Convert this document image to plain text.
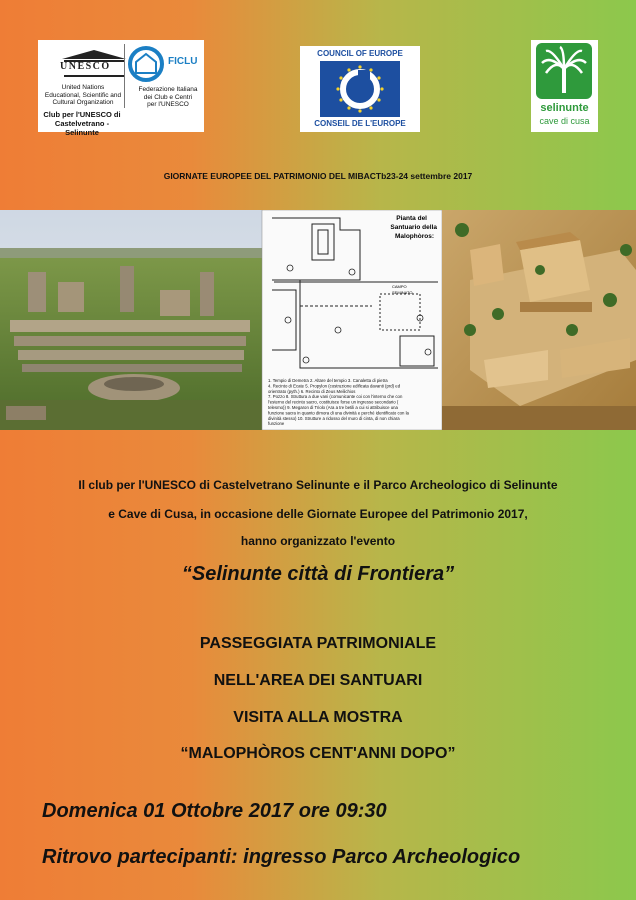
UNESCO
United Nations
Educational, Scientific and
Cultural Organization
FICLU
Federazione Italiana
dei Club e Centri
per l'UNESCO
Club per l'UNESCO di
Castelvetrano - Selinunte
COUNCIL OF EUROPE
CONSEIL DE L'EUROPE
selinunte
cave di cusa
GIORNATE EUROPEE DEL PATRIMONIO DEL MIBACTb23-24 settembre 2017
Pianta del
Santuario della
Malophòros:
CAMPO
SEMINATO
1. Tempio di Demetra 2. Altare del tempio 3. Canaletta di pietra
4. Recinto di Ecate 5. Propylon (costruzione edificata davanti (prd) ed
orientrato (pyth.) 6. Recinto di Zeus Meilichios
7. Pozzo 8. Struttura a due vani (comunicante coi con l'interno che con
l'esterno del recinto sacro, costituisce forse un ingresso secondario (
telesmo)) 9. Megaron di Triolo (Ara a tre betili a cui si attribuisce una
funzione sacra in quanto dimora di una divinità e perché identificato con la
divinità stesso) 10. Strutture a ridosso del muro di cinta, di non chiara
funzione
Il club per l'UNESCO di Castelvetrano Selinunte e il Parco Archeologico di Selinunte
e Cave di Cusa, in occasione delle Giornate Europee del Patrimonio 2017,
hanno organizzato l'evento
“Selinunte città di Frontiera”
PASSEGGIATA PATRIMONIALE
NELL'AREA DEI SANTUARI
VISITA ALLA MOSTRA
“MALOPHÒROS CENT'ANNI DOPO”
Domenica 01 Ottobre 2017 ore 09:30
Ritrovo partecipanti: ingresso Parco Archeologico
